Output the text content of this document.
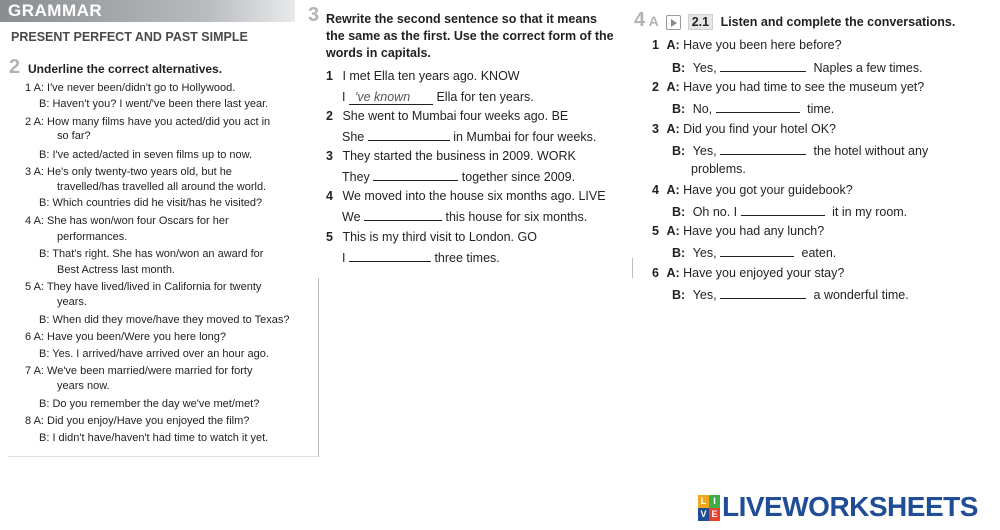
GRAMMAR
PRESENT PERFECT AND PAST SIMPLE
2 Underline the correct alternatives.
1 A: I've never been/didn't go to Hollywood.
B: Haven't you? I went/'ve been there last year.
2 A: How many films have you acted/did you act in
so far?
B: I've acted/acted in seven films up to now.
3 A: He's only twenty-two years old, but he
travelled/has travelled all around the world.
B: Which countries did he visit/has he visited?
4 A: She has won/won four Oscars for her
performances.
B: That's right. She has won/won an award for
Best Actress last month.
5 A: They have lived/lived in California for twenty
years.
B: When did they move/have they moved to Texas?
6 A: Have you been/Were you here long?
B: Yes. I arrived/have arrived over an hour ago.
7 A: We've been married/were married for forty
years now.
B: Do you remember the day we've met/met?
8 A: Did you enjoy/Have you enjoyed the film?
B: I didn't have/haven't had time to watch it yet.
3 Rewrite the second sentence so that it means
the same as the first. Use the correct form of the
words in capitals.
1 I met Ella ten years ago. KNOW
I 've known Ella for ten years.
2 She went to Mumbai four weeks ago. BE
She	in Mumbai for four weeks.
3 They started the business in 2009. WORK
They	together since 2009.
4 We moved into the house six months ago. LIVE
We	this house for six months.
5 This is my third visit to London. GO
I	three times.
4 A	2.1 Listen and complete the conversations.
1 A: Have you been here before?
B: Yes,	Naples a few times.
2 A: Have you had time to see the museum yet?
B: No,	time.
3 A: Did you find your hotel OK?
B: Yes,	the hotel without any
problems.
4 A: Have you got your guidebook?
B: Oh no. I	it in my room.
5 A: Have you had any lunch?
B: Yes,	eaten.
6 A: Have you enjoyed your stay?
B: Yes,	a wonderful time.
L I
V E LIVEWORKSHEETS
